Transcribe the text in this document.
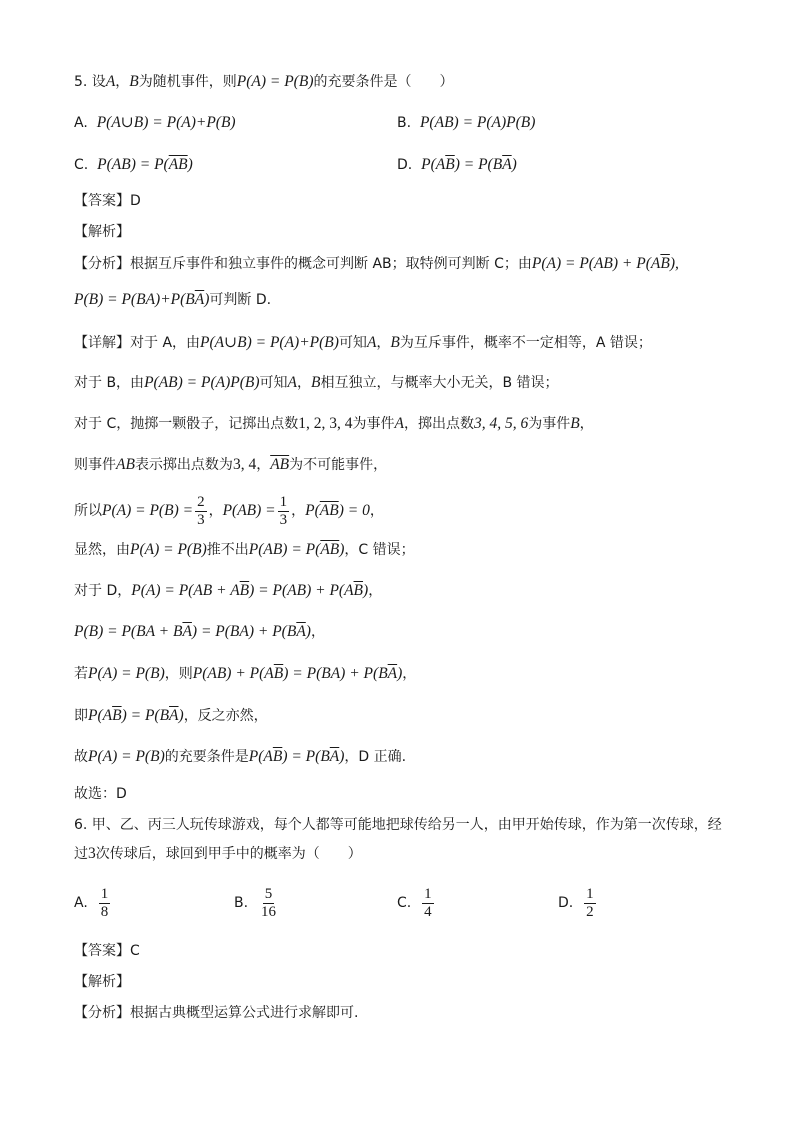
5. 设A，B为随机事件，则P(A) = P(B)的充要条件是（　　）
A. P(A∪B) = P(A)+P(B)	B. P(AB) = P(A)P(B)
C. $P(AB) = P(\overline{AB})$	D. $P(A\overline{B}) = P(B\overline{A})$
【答案】D
【解析】
【分析】根据互斥事件和独立事件的概念可判断 AB；取特例可判断 C；由$P(A) = P(AB) + P(A\overline{B})$,
$P(B) = P(BA)+P(B\overline{A})$可判断 D.
【详解】对于 A，由P(A∪B) = P(A)+P(B)可知A，B为互斥事件，概率不一定相等，A 错误；
对于 B，由P(AB) = P(A)P(B)可知A，B相互独立，与概率大小无关，B 错误；
对于 C，抛掷一颗骰子，记掷出点数1, 2, 3, 4为事件A，掷出点数3, 4, 5, 6为事件B，
则事件AB表示掷出点数为3, 4，$\overline{AB}$为不可能事件，
所以$P(A) = P(B) = \frac{2}{3}$ ，$P(AB) = \frac{1}{3}$ ，$P(\overline{AB}) = 0$，
显然，由P(A) = P(B)推不出$P(AB) = P(\overline{AB})$，C 错误；
对于 D，$P(A) = P(AB + A\overline{B}) = P(AB) + P(A\overline{B})$，
$P(B) = P(BA + B\overline{A}) = P(BA) + P(B\overline{A})$，
若P(A) = P(B)，则$P(AB) + P(A\overline{B}) = P(BA) + P(B\overline{A})$，
即$P(A\overline{B}) = P(B\overline{A})$，反之亦然，
故P(A) = P(B)的充要条件是$P(A\overline{B}) = P(B\overline{A})$，D 正确.
故选：D
6. 甲、乙、丙三人玩传球游戏，每个人都等可能地把球传给另一人，由甲开始传球，作为第一次传球，经
过3次传球后，球回到甲手中的概率为（　　）
A. $\frac{1}{8}$	B. $\frac{5}{16}$	C. $\frac{1}{4}$	D. $\frac{1}{2}$
【答案】C
【解析】
【分析】根据古典概型运算公式进行求解即可.
